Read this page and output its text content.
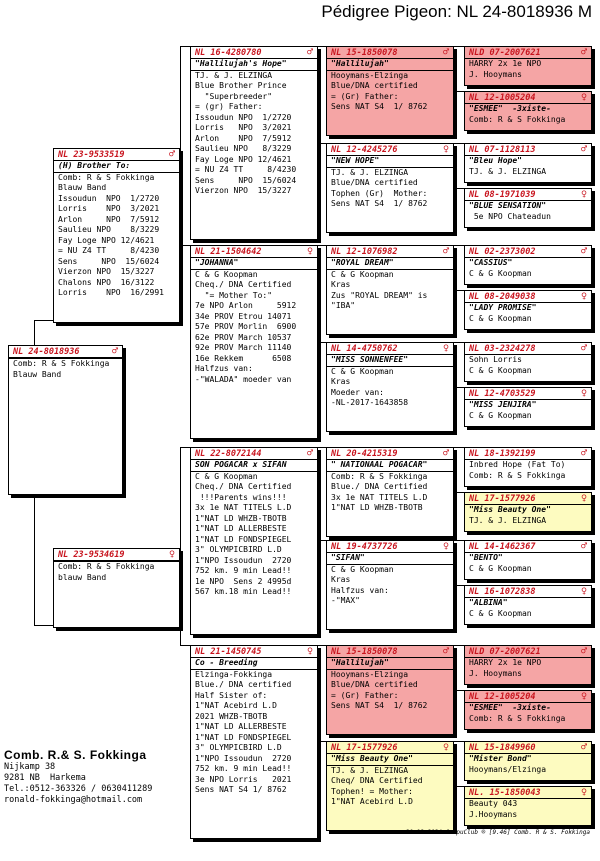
Pédigree Pigeon: NL 24-8018936 M
NL 24-8018936	♂
Comb: R & S Fokkinga
Blauw Band
NL 23-9533519	♂
(H) Brother To:
Comb: R & S Fokkinga
Blauw Band
Issoudun  NPO  1/2720
Lorris    NPO  3/2021
Arlon     NPO  7/5912
Saulieu NPO    8/3229
Fay Loge NPO 12/4621
= NU Z4 TT     8/4230
Sens     NPO  15/6024
Vierzon NPO  15/3227
Chalons NPO  16/3122
Lorris    NPO  16/2991
NL 16-4280780	♂
"Hallilujah's Hope"
TJ. & J. ELZINGA
Blue Brother Prince
"Superbreeder"
= (gr) Father:
Issoudun NPO  1/2720
Lorris   NPO  3/2021
Arlon    NPO  7/5912
Saulieu NPO   8/3229
Fay Loge NPO 12/4621
= NU Z4 TT     8/4230
Sens     NPO  15/6024
Vierzon NPO  15/3227
NL 21-1504642	♀
"JOHANNA"
C & G Koopman
Cheq./ DNA Certified
"= Mother To:"
7e NPO Arlon     5912
34e PROV Etrou 14071
57e PROV Morlin  6900
62e PROV March 10537
92e PROV March 11140
16e Rekkem      6508
Halfzus van:
-"WALADA" moeder van
NL 15-1850078	♂
"Hallilujah"
Hooymans-Elzinga
Blue/DNA certified
= (Gr) Father:
Sens NAT S4  1/ 8762
NL 12-4245276	♀
"NEW HOPE"
TJ. & J. ELZINGA
Blue/DNA certified
Tophen (Gr)  Mother:
Sens NAT S4  1/ 8762
NL 12-1076982	♂
"ROYAL DREAM"
C & G Koopman
Kras
Zus "ROYAL DREAM" is
"IBA"
NL 14-4750762	♀
"MISS SONNENFEE"
C & G Koopman
Kras
Moeder van:
-NL-2017-1643858
NLD 07-2007621	♂
HARRY 2x 1e NPO
J. Hooymans
NL 12-1005204	♀
"ESMEE"  -3xiste-
Comb: R & S Fokkinga
NL 07-1128113	♂
"Bleu Hope"
TJ. & J. ELZINGA
NL 08-1971039	♀
"BLUE SENSATION"
5e NPO Chateadun
NL 02-2373002	♂
"CASSIUS"
C & G Koopman
NL 08-2049038	♀
"LADY PROMISE"
C & G Koopman
NL 03-2324278	♂
Sohn Lorris
C & G Koopman
NL 12-4703529	♀
"MISS JENJIRA"
C & G Koopman
NL 23-9534619	♀
Comb: R & S Fokkinga
blauw Band
NL 22-8072144	♂
SON POGACAR x SIFAN
C & G Koopman
Cheq./ DNA Certified
!!!Parents wins!!!
3x 1e NAT TITELS L.D
1"NAT LD WHZB-TBOTB
1"NAT LD ALLERBESTE
1"NAT LD FONDSPIEGEL
3" OLYMPICBIRD L.D
1"NPO Issoudun  2720
752 km. 9 min Lead!!
1e NPO  Sens 2 4995d
567 km.18 min Lead!!
NL 21-1450745	♀
Co - Breeding
Elzinga-Fokkinga
Blue./ DNA certified
Half Sister of:
1"NAT Acebird L.D
2021 WHZB-TBOTB
1"NAT LD ALLERBESTE
1"NAT LD FONDSPIEGEL
3" OLYMPICBIRD L.D
1"NPO Issoudun  2720
752 km. 9 min Lead!!
3e NPO Lorris   2021
Sens NAT S4 1/ 8762
NL 20-4215319	♂
" NATIONAAL POGACAR"
Comb: R & S Fokkinga
Blue./ DNA Certified
3x 1e NAT TITELS L.D
1"NAT LD WHZB-TBOTB
NL 19-4737726	♀
"SIFAN"
C & G Koopman
Kras
Halfzus van:
-"MAX"
NL 15-1850078	♂
"Hallilujah"
Hooymans-Elzinga
Blue/DNA certified
= (Gr) Father:
Sens NAT S4  1/ 8762
NL 17-1577926	♀
"Miss Beauty One"
TJ. & J. ELZINGA
Cheq/ DNA Certified
Tophen! = Mother:
1"NAT Acebird L.D
NL 18-1392199	♂
Inbred Hope (Fat To)
Comb: R & S Fokkinga
NL 17-1577926	♀
"Miss Beauty One"
TJ. & J. ELZINGA
NL 14-1462367	♂
"BENTO"
C & G Koopman
NL 16-1072838	♀
"ALBINA"
C & G Koopman
NLD 07-2007621	♂
HARRY 2x 1e NPO
J. Hooymans
NL 12-1005204	♀
"ESMEE"  -3xiste-
Comb: R & S Fokkinga
NL 15-1849960	♂
"Mister Bond"
Hooymans/Elzinga
NL. 15-1850043	♀
Beauty 043
J.Hooymans
Comb. R.& S. Fokkinga
Nijkamp 38
9281 NB  Harkema
Tel.:0512-363326 / 0630411289
ronald-fokkinga@hotmail.com
20-12-2024 CompuClub ® [9.46] Comb. R & S. Fokkinga
